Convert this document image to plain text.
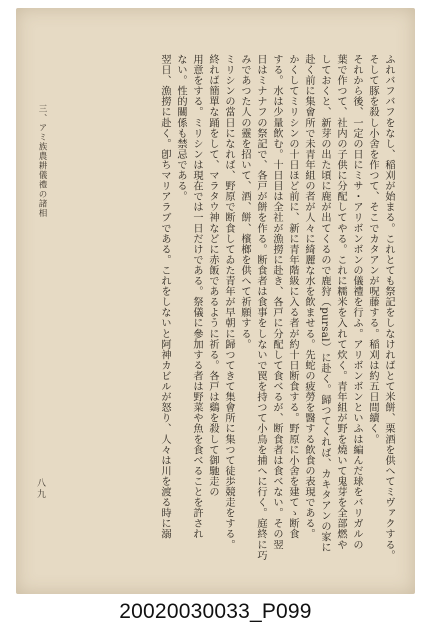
ふれバフバフをなし、稲刈が始まる。これとても祭記をしなければとて米餅、栗酒を供へてミヴァクする。

そして豚を殺し小舍を作つて、そこでカタアンが呪藤する。稲刈は約五日間續く。

それから後、一定の日にミサ・アリボンボンの儀禮を行ふ。アリボンボンといふは編んだ球をバリガルの

葉で作つて、社内の子供に分配してやる。これに糯米を入れて炊く。青年組が野を燒いて鬼芽を全部燃や

しておくと、新芽の出た頃に鹿が出てくるので鹿狩（pursal）に赴く。歸つてくれば、カキタアンの家に

赴く前に集會所で未青年組の者が人々に綺麗な水を飲ませる。先蛇の疲勞を醫する飲食の表現である。

かくしてミリシンの十日ほど前に、新に青年階級に入る者が約十日断食する。野原に小舍を建てゝ断食

する。水は少量飲む。十日目は全社が漁撈に赴き、各戸に分配して食べるが、断食者は食べない。その翌

日はミナナフの祭記で、各戸が餅を作る。断食者は食事をしないで罠を持つて小鳥を捕へに行く。庭終に巧

みであつた人の靈を招いて、酒、餅、檳榔を供へて祈願する。

ミリシンの當日になれば、野原で断食してゐた青年が早朝に歸つてきて集會所に集つて徒歩競走をする。

終れば簡單な踊をして、マラタウ神などに赤飯であるように祈る。各戸は鷄を殺して御馳走の

用意をする。ミリシンは現在では一日だけである。祭儀に參加する者は野菜や魚を食べることを許され

ない。性的關係も禁忌である。

翌日、漁撈に赴く。卽ちマリアラブである。これをしないと阿神カビルが怒り、人々は川を渡る時に溺

三、アミ族農耕儀禮の諸相
八九
20020030033_P099
